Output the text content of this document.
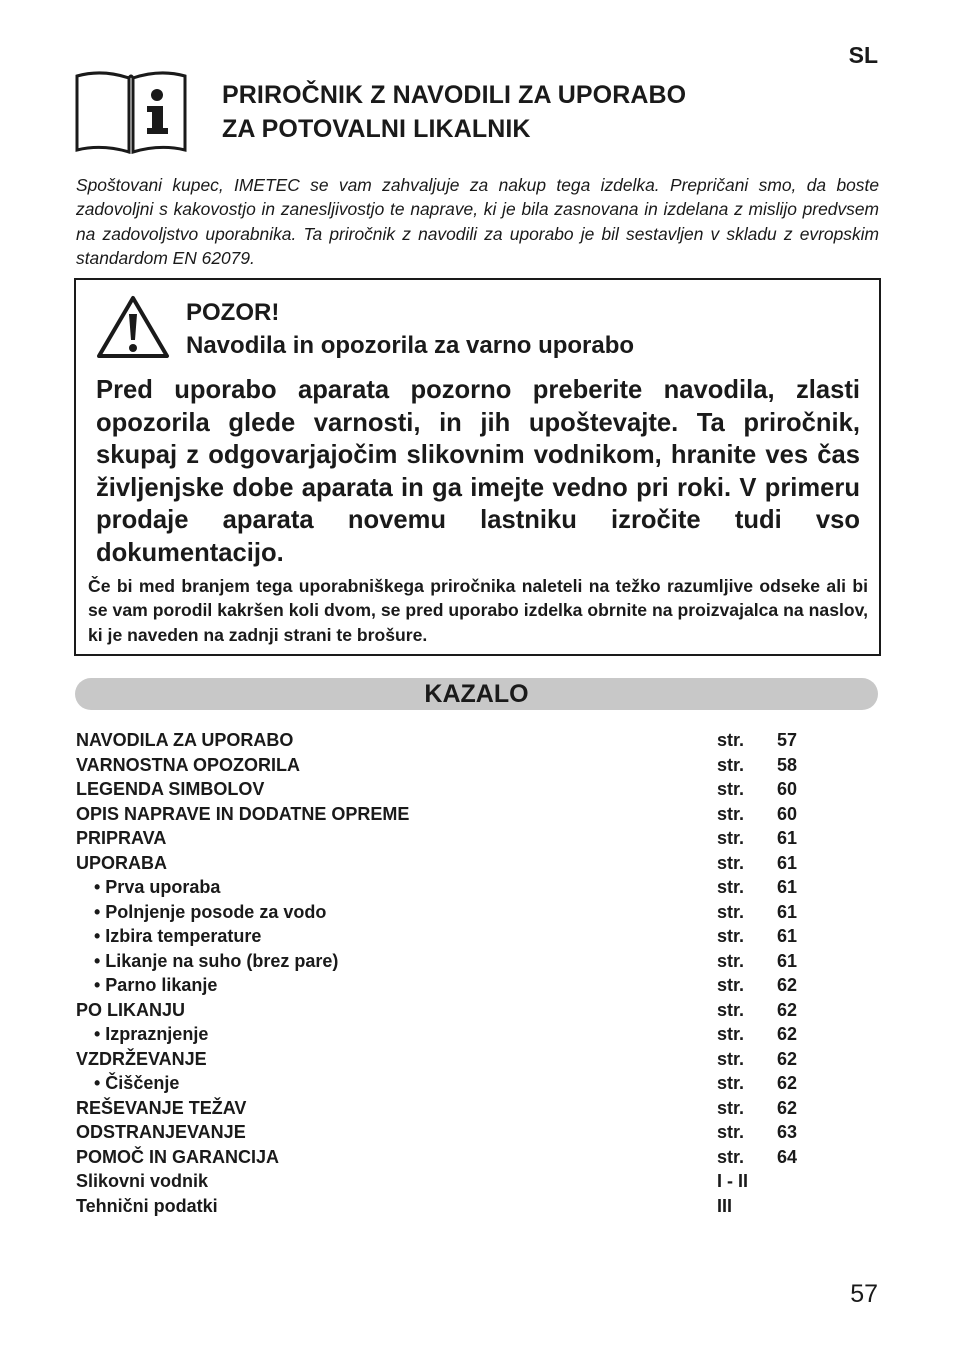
SL
PRIROČNIK Z NAVODILI ZA UPORABO
ZA POTOVALNI LIKALNIK
Spoštovani kupec, IMETEC se vam zahvaljuje za nakup tega izdelka. Prepričani smo, da boste zadovoljni s kakovostjo in zanesljivostjo te naprave, ki je bila zasnovana in izdelana z mislijo predvsem na zadovoljstvo uporabnika. Ta priročnik z navodili za uporabo je bil sestavljen v skladu z evropskim standardom EN 62079.
POZOR!
Navodila in opozorila za varno uporabo
Pred uporabo aparata pozorno preberite navodila, zlasti opozorila glede varnosti, in jih upoštevajte. Ta priročnik, skupaj z odgovarjajočim slikovnim vodnikom, hranite ves čas življenjske dobe aparata in ga imejte vedno pri roki. V primeru prodaje aparata novemu lastniku izročite tudi vso dokumentacijo.
Če bi med branjem tega uporabniškega priročnika naleteli na težko razumljive odseke ali bi se vam porodil kakršen koli dvom, se pred uporabo izdelka obrnite na proizvajalca na naslov, ki je naveden na zadnji strani te brošure.
KAZALO
NAVODILA ZA UPORABO	str. 57
VARNOSTNA OPOZORILA	str. 58
LEGENDA SIMBOLOV	str. 60
OPIS NAPRAVE IN DODATNE OPREME	str. 60
PRIPRAVA	str. 61
UPORABA	str. 61
• Prva uporaba	str. 61
• Polnjenje posode za vodo	str. 61
• Izbira temperature	str. 61
• Likanje na suho (brez pare)	str. 61
• Parno likanje	str. 62
PO LIKANJU	str. 62
• Izpraznjenje	str. 62
VZDRŽEVANJE	str. 62
• Čiščenje	str. 62
REŠEVANJE TEŽAV	str. 62
ODSTRANJEVANJE	str. 63
POMOČ IN GARANCIJA	str. 64
Slikovni vodnik	I - II
Tehnični podatki	III
57
